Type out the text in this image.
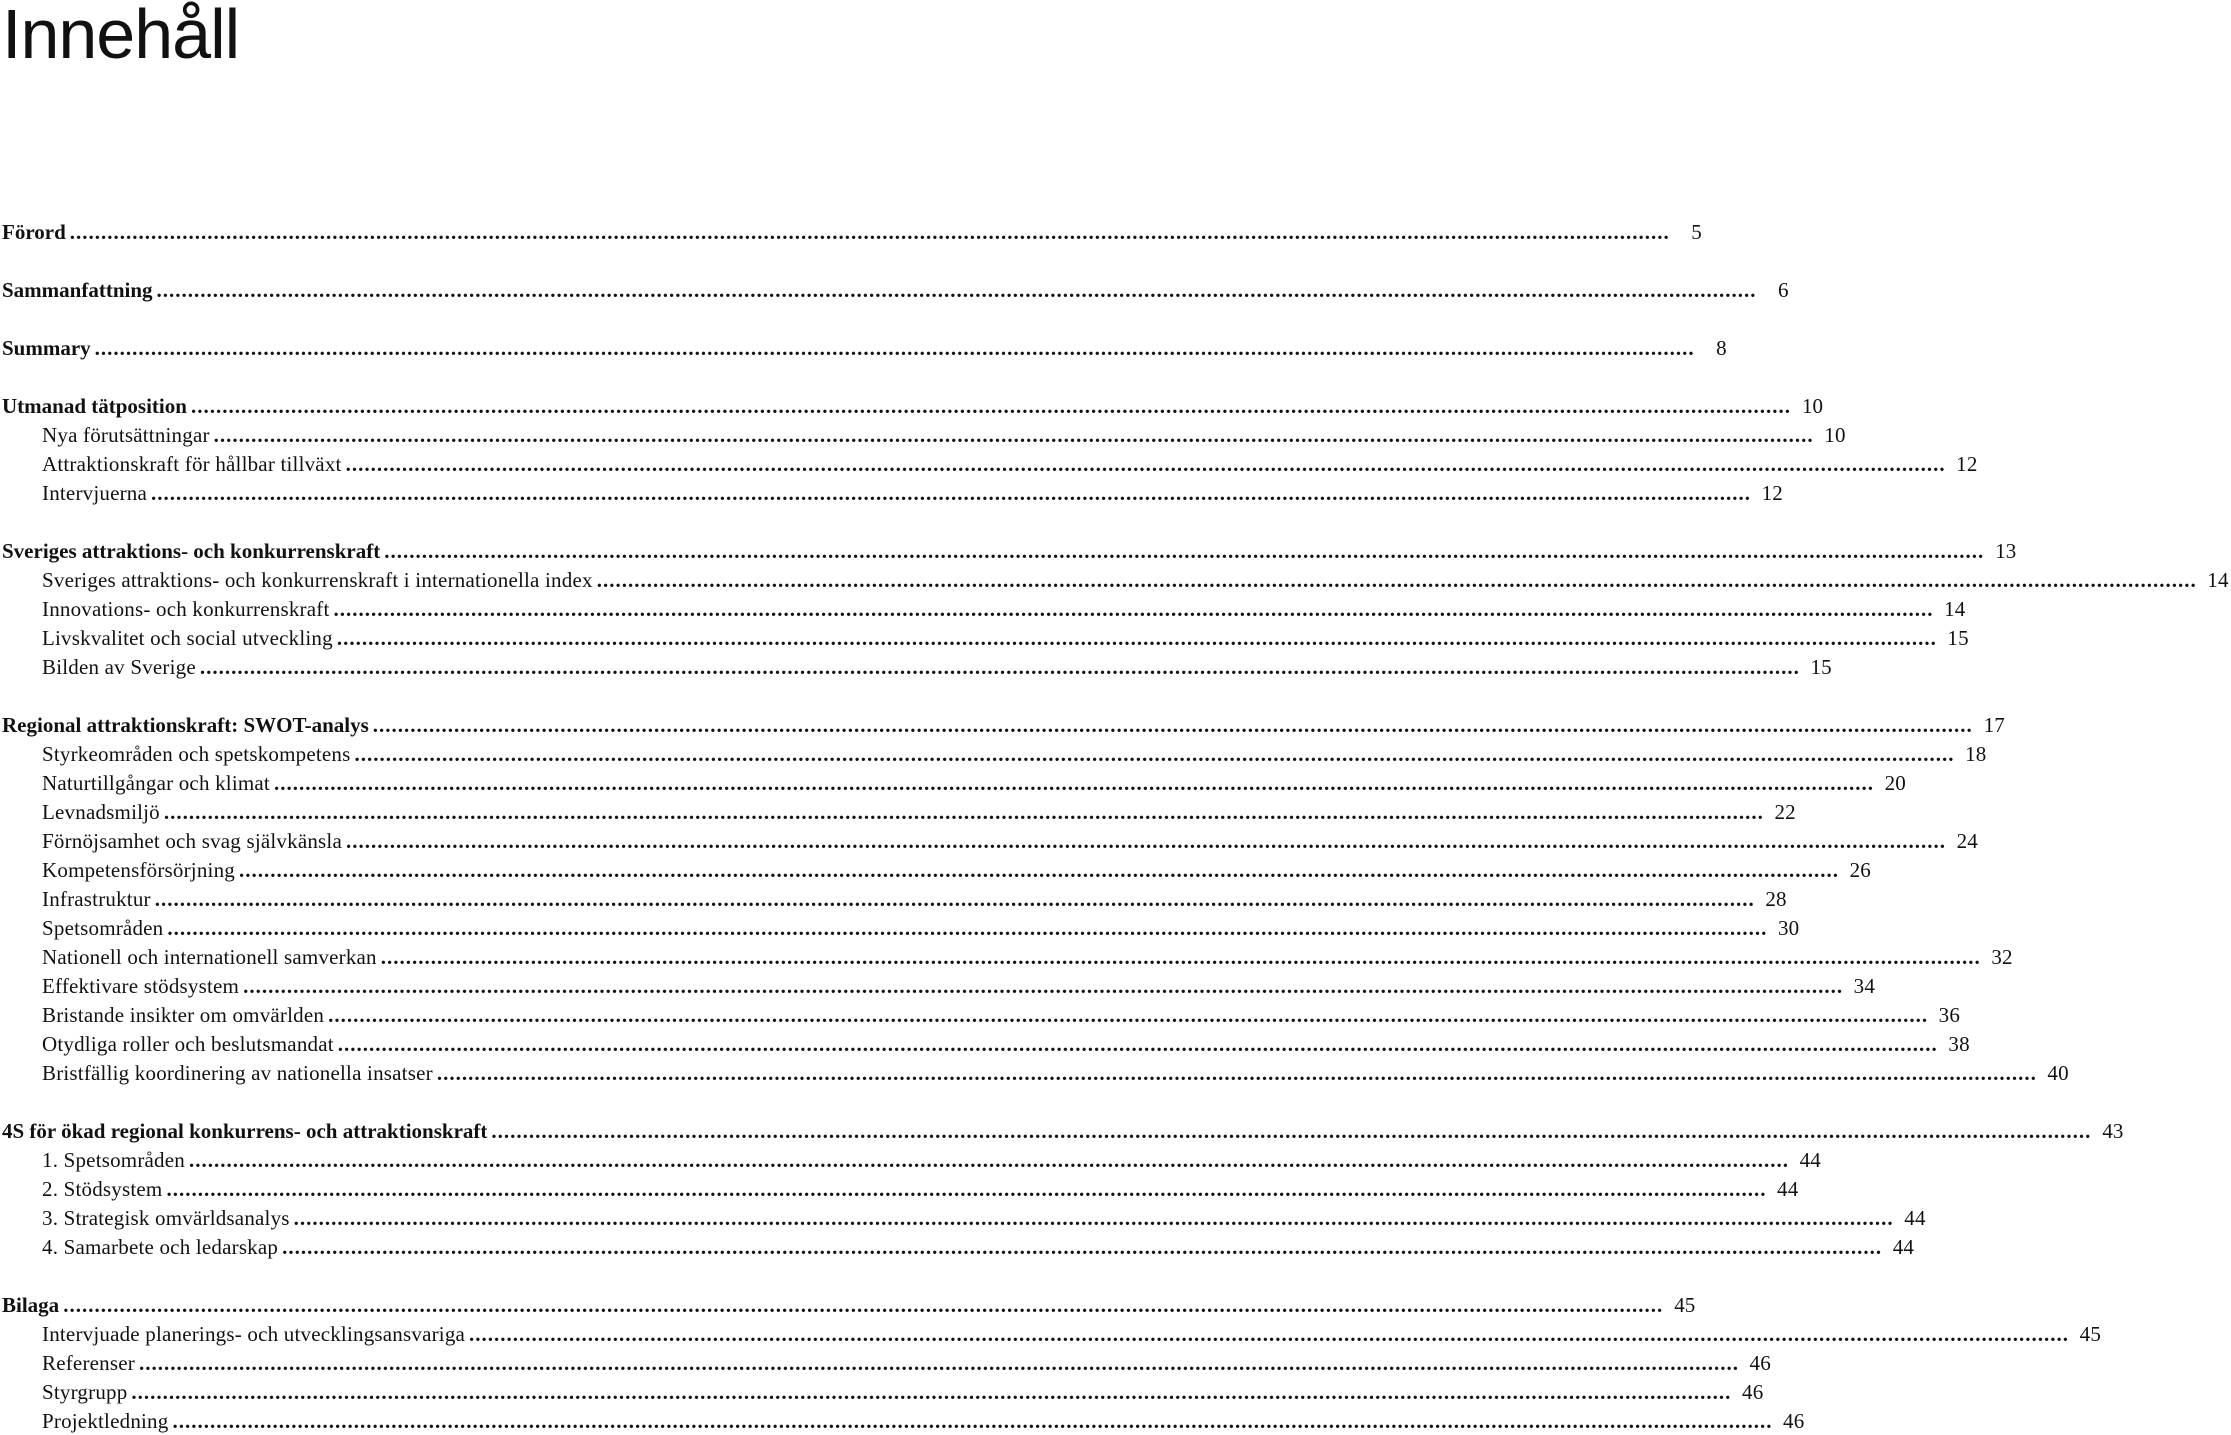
Innehåll
Förord .....	5
Sammanfattning .....	6
Summary .....	8
Utmanad tätposition .....	10
Nya förutsättningar .....	10
Attraktionskraft för hållbar tillväxt .....	12
Intervjuerna .....	12
Sveriges attraktions- och konkurrenskraft .....	13
Sveriges attraktions- och konkurrenskraft i internationella index .....	14
Innovations- och konkurrenskraft .....	14
Livskvalitet och social utveckling .....	15
Bilden av Sverige .....	15
Regional attraktionskraft: SWOT-analys .....	17
Styrkeområden och spetskompetens .....	18
Naturtillgångar och klimat .....	20
Levnadsmiljö .....	22
Förnöjsamhet och svag självkänsla .....	24
Kompetensförsörjning .....	26
Infrastruktur .....	28
Spetsområden .....	30
Nationell och internationell samverkan .....	32
Effektivare stödsystem .....	34
Bristande insikter om omvärlden .....	36
Otydliga roller och beslutsmandat .....	38
Bristfällig koordinering av nationella insatser .....	40
4S för ökad regional konkurrens- och attraktionskraft .....	43
1. Spetsområden .....	44
2. Stödsystem .....	44
3. Strategisk omvärldsanalys .....	44
4. Samarbete och ledarskap .....	44
Bilaga .....	45
Intervjuade planerings- och utvecklingsansvariga .....	45
Referenser .....	46
Styrgrupp .....	46
Projektledning .....	46
